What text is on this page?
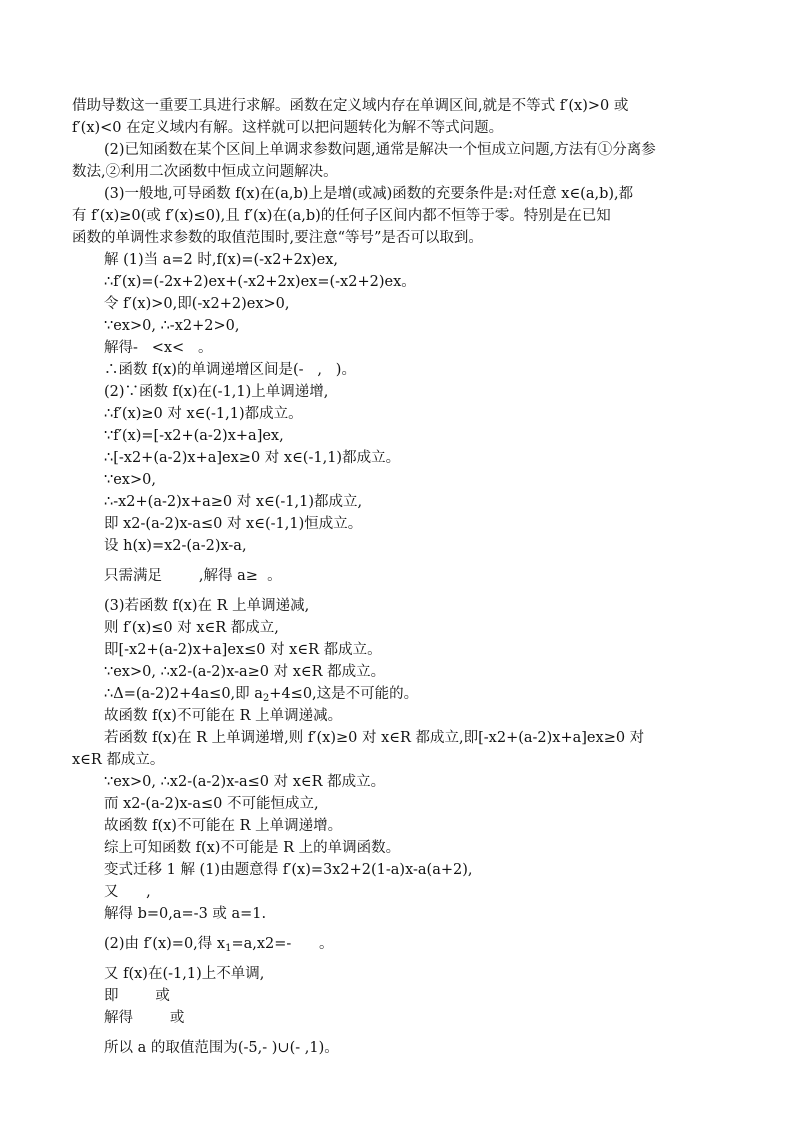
借助导数这一重要工具进行求解。函数在定义域内存在单调区间,就是不等式 f′(x)>0 或
f′(x)<0 在定义域内有解。这样就可以把问题转化为解不等式问题。
(2)已知函数在某个区间上单调求参数问题,通常是解决一个恒成立问题,方法有①分离参
数法,②利用二次函数中恒成立问题解决。
(3)一般地,可导函数 f(x)在(a,b)上是增(或减)函数的充要条件是:对任意 x∈(a,b),都
有 f′(x)≥0(或 f′(x)≤0),且 f′(x)在(a,b)的任何子区间内都不恒等于零。特别是在已知
函数的单调性求参数的取值范围时,要注意“等号”是否可以取到。
解 (1)当 a=2 时,f(x)=(-x2+2x)ex,
∴f′(x)=(-2x+2)ex+(-x2+2x)ex=(-x2+2)ex。
令 f′(x)>0,即(-x2+2)ex>0,
∵ex>0, ∴-x2+2>0,
解得-   <x<   。
∴函数 f(x)的单调递增区间是(-   ,   )。
(2)∵函数 f(x)在(-1,1)上单调递增,
∴f′(x)≥0 对 x∈(-1,1)都成立。
∵f′(x)=[-x2+(a-2)x+a]ex,
∴[-x2+(a-2)x+a]ex≥0 对 x∈(-1,1)都成立。
∵ex>0,
∴-x2+(a-2)x+a≥0 对 x∈(-1,1)都成立,
即 x2-(a-2)x-a≤0 对 x∈(-1,1)恒成立。
设 h(x)=x2-(a-2)x-a,
只需满足        ,解得 a≥  。
(3)若函数 f(x)在 R 上单调递减,
则 f′(x)≤0 对 x∈R 都成立,
即[-x2+(a-2)x+a]ex≤0 对 x∈R 都成立。
∵ex>0, ∴x2-(a-2)x-a≥0 对 x∈R 都成立。
∴Δ=(a-2)2+4a≤0,即 $a_2+4\le 0$,这是不可能的。
故函数 f(x)不可能在 R 上单调递减。
若函数 f(x)在 R 上单调递增,则 f′(x)≥0 对 x∈R 都成立,即[-x2+(a-2)x+a]ex≥0 对
x∈R 都成立。
∵ex>0, ∴x2-(a-2)x-a≤0 对 x∈R 都成立。
而 x2-(a-2)x-a≤0 不可能恒成立,
故函数 f(x)不可能在 R 上单调递增。
综上可知函数 f(x)不可能是 R 上的单调函数。
变式迁移 1 解 (1)由题意得 f′(x)=3x2+2(1-a)x-a(a+2),
又      ,
解得 b=0,a=-3 或 a=1.
(2)由 f′(x)=0,得 $x_1=a,x2=-$      。
又 f(x)在(-1,1)上不单调,
即        或
解得        或
所以 a 的取值范围为(-5,- )∪(- ,1)。
